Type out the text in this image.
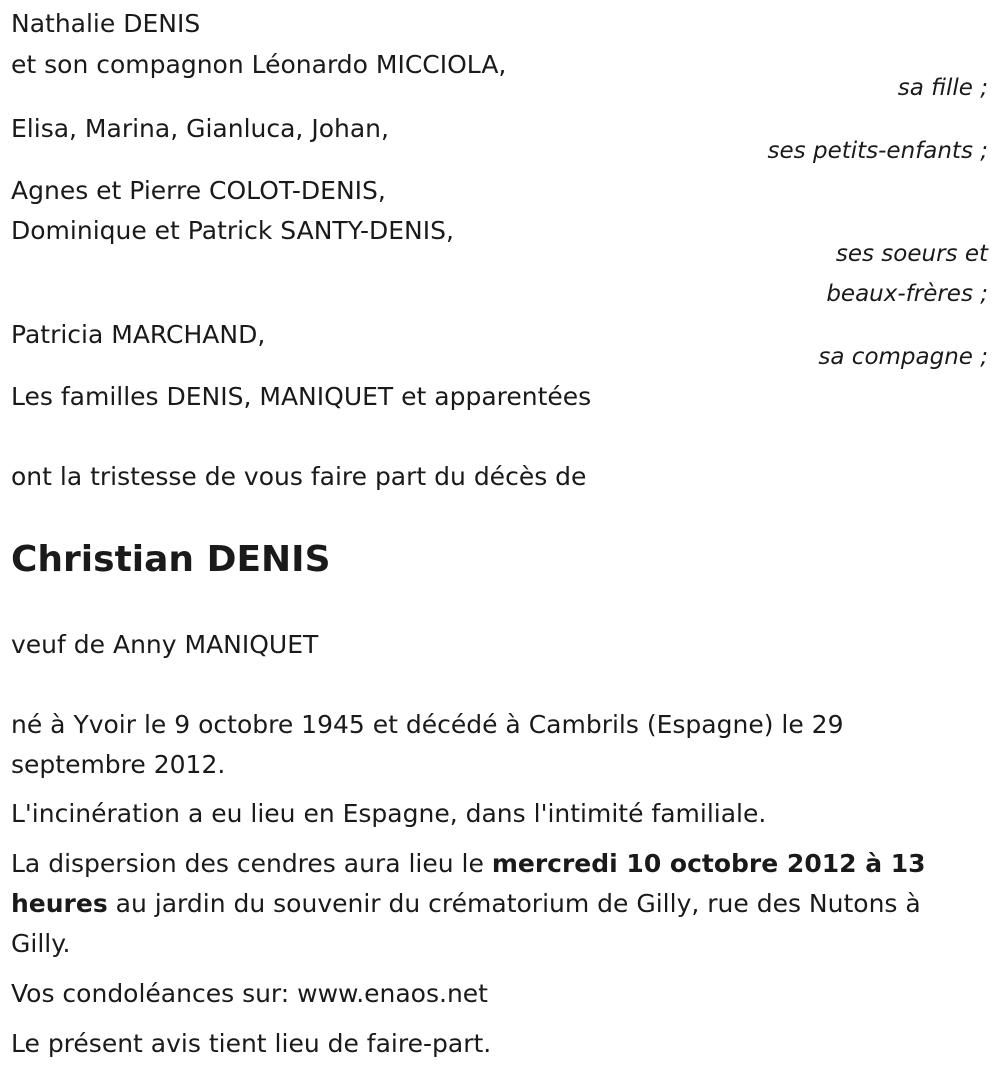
Nathalie DENIS
et son compagnon Léonardo MICCIOLA,
sa fille ;
Elisa, Marina, Gianluca, Johan,
ses petits-enfants ;
Agnes et Pierre COLOT-DENIS,
Dominique et Patrick SANTY-DENIS,
ses soeurs et
beaux-frères ;
Patricia MARCHAND,
sa compagne ;
Les familles DENIS, MANIQUET et apparentées
ont la tristesse de vous faire part du décès de
Christian DENIS
veuf de Anny MANIQUET
né à Yvoir le 9 octobre 1945 et décédé à Cambrils (Espagne) le 29 septembre 2012.
L'incinération a eu lieu en Espagne, dans l'intimité familiale.
La dispersion des cendres aura lieu le mercredi 10 octobre 2012 à 13 heures au jardin du souvenir du crématorium de Gilly, rue des Nutons à Gilly.
Vos condoléances sur: www.enaos.net
Le présent avis tient lieu de faire-part.
